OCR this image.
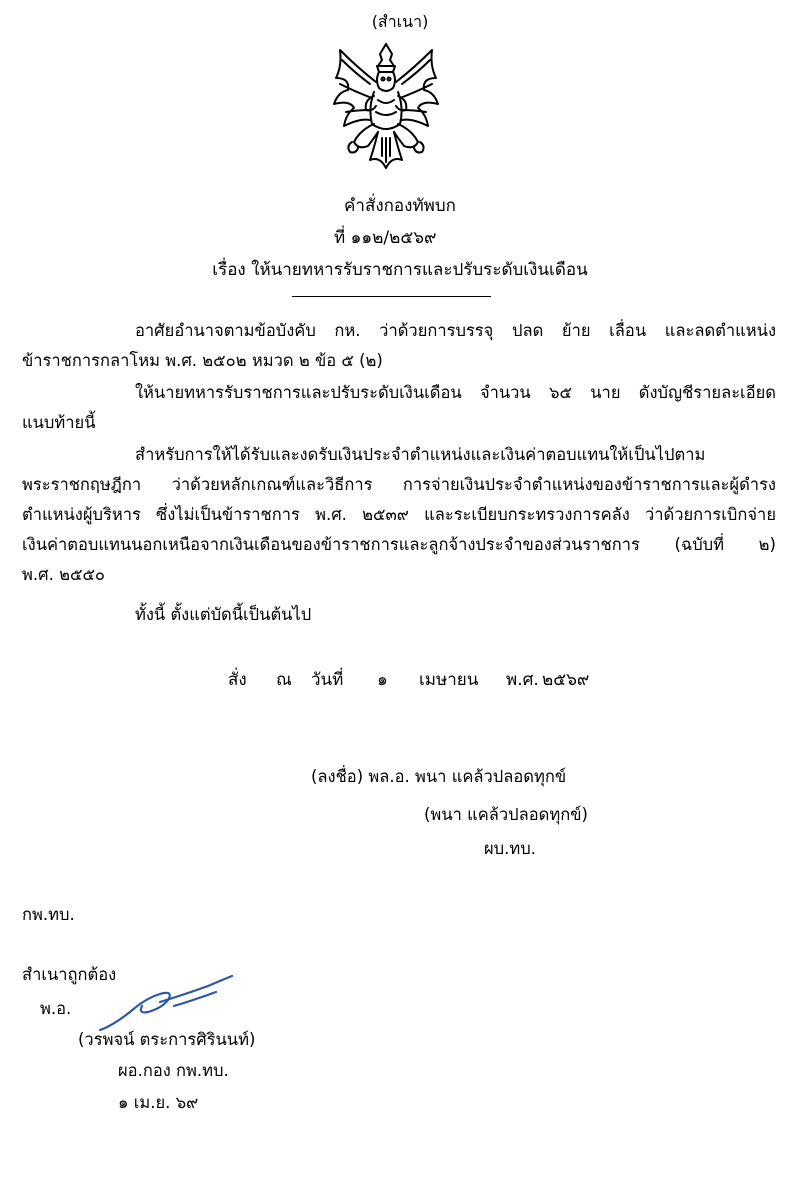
(สำเนา)
คำสั่งกองทัพบก
ที่ ๑๑๒/๒๕๖๙
เรื่อง ให้นายทหารรับราชการและปรับระดับเงินเดือน
อาศัยอำนาจตามข้อบังคับ กห. ว่าด้วยการบรรจุ ปลด ย้าย เลื่อน และลดตำแหน่ง
ข้าราชการกลาโหม พ.ศ. ๒๕๐๒ หมวด ๒ ข้อ ๕ (๒)
ให้นายทหารรับราชการและปรับระดับเงินเดือน จำนวน ๖๕ นาย ดังบัญชีรายละเอียด
แนบท้ายนี้
สำหรับการให้ได้รับและงดรับเงินประจำตำแหน่งและเงินค่าตอบแทนให้เป็นไปตาม
พระราชกฤษฎีกา ว่าด้วยหลักเกณฑ์และวิธีการ การจ่ายเงินประจำตำแหน่งของข้าราชการและผู้ดำรง
ตำแหน่งผู้บริหาร ซึ่งไม่เป็นข้าราชการ พ.ศ. ๒๕๓๙ และระเบียบกระทรวงการคลัง ว่าด้วยการเบิกจ่าย
เงินค่าตอบแทนนอกเหนือจากเงินเดือนของข้าราชการและลูกจ้างประจำของส่วนราชการ (ฉบับที่ ๒)
พ.ศ. ๒๕๕๐
ทั้งนี้ ตั้งแต่บัดนี้เป็นต้นไป
สั่ง ณ วันที่ ๑ เมษายน พ.ศ. ๒๕๖๙
(ลงชื่อ) พล.อ. พนา แคล้วปลอดทุกข์
(พนา แคล้วปลอดทุกข์)
ผบ.ทบ.
กพ.ทบ.
สำเนาถูกต้อง
พ.อ.
(วรพจน์ ตระการศิรินนท์)
ผอ.กอง กพ.ทบ.
๑ เม.ย. ๖๙
